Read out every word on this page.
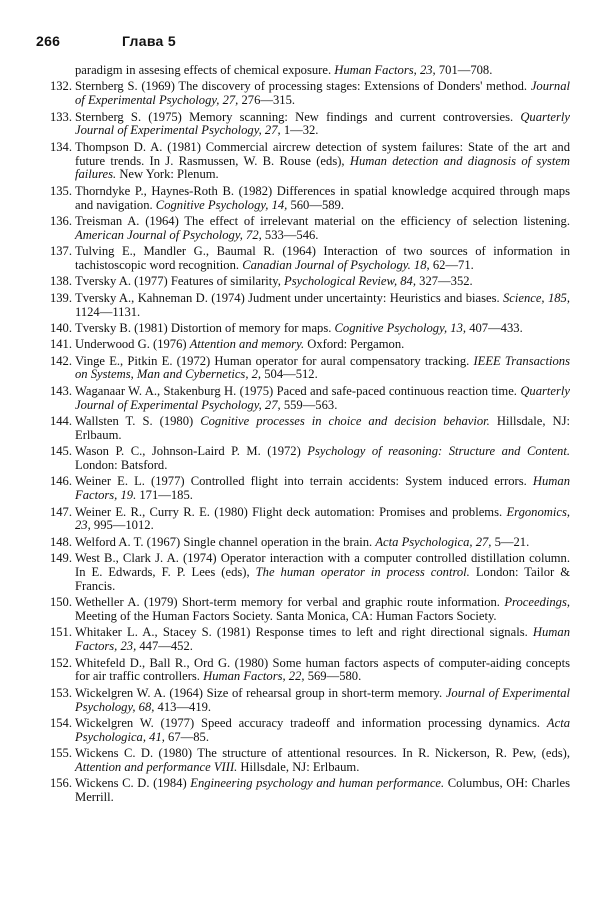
266	Глава 5
paradigm in assesing effects of chemical exposure. Human Factors, 23, 701—708.
132. Sternberg S. (1969) The discovery of processing stages: Extensions of Donders' method. Journal of Experimental Psychology, 27, 276—315.
133. Sternberg S. (1975) Memory scanning: New findings and current controversies. Quarterly Journal of Experimental Psychology, 27, 1—32.
134. Thompson D. A. (1981) Commercial aircrew detection of system failures: State of the art and future trends. In J. Rasmussen, W. B. Rouse (eds), Human detection and diagnosis of system failures. New York: Plenum.
135. Thorndyke P., Haynes-Roth B. (1982) Differences in spatial knowledge acquired through maps and navigation. Cognitive Psychology, 14, 560—589.
136. Treisman A. (1964) The effect of irrelevant material on the efficiency of selection listening. American Journal of Psychology, 72, 533—546.
137. Tulving E., Mandler G., Baumal R. (1964) Interaction of two sources of information in tachistoscopic word recognition. Canadian Journal of Psychology. 18, 62—71.
138. Tversky A. (1977) Features of similarity, Psychological Review, 84, 327—352.
139. Tversky A., Kahneman D. (1974) Judment under uncertainty: Heuristics and biases. Science, 185, 1124—1131.
140. Tversky B. (1981) Distortion of memory for maps. Cognitive Psychology, 13, 407—433.
141. Underwood G. (1976) Attention and memory. Oxford: Pergamon.
142. Vinge E., Pitkin E. (1972) Human operator for aural compensatory tracking. IEEE Transactions on Systems, Man and Cybernetics, 2, 504—512.
143. Waganaar W. A., Stakenburg H. (1975) Paced and safe-paced continuous reaction time. Quarterly Journal of Experimental Psychology, 27, 559—563.
144. Wallsten T. S. (1980) Cognitive processes in choice and decision behavior. Hillsdale, NJ: Erlbaum.
145. Wason P. C., Johnson-Laird P. M. (1972) Psychology of reasoning: Structure and Content. London: Batsford.
146. Weiner E. L. (1977) Controlled flight into terrain accidents: System induced errors. Human Factors, 19. 171—185.
147. Weiner E. R., Curry R. E. (1980) Flight deck automation: Promises and problems. Ergonomics, 23, 995—1012.
148. Welford A. T. (1967) Single channel operation in the brain. Acta Psychologica, 27, 5—21.
149. West B., Clark J. A. (1974) Operator interaction with a computer controlled distillation column. In E. Edwards, F. P. Lees (eds), The human operator in process control. London: Tailor & Francis.
150. Wetheller A. (1979) Short-term memory for verbal and graphic route information. Proceedings, Meeting of the Human Factors Society. Santa Monica, CA: Human Factors Society.
151. Whitaker L. A., Stacey S. (1981) Response times to left and right directional signals. Human Factors, 23, 447—452.
152. Whitefeld D., Ball R., Ord G. (1980) Some human factors aspects of computer-aiding concepts for air traffic controllers. Human Factors, 22, 569—580.
153. Wickelgren W. A. (1964) Size of rehearsal group in short-term memory. Journal of Experimental Psychology, 68, 413—419.
154. Wickelgren W. (1977) Speed accuracy tradeoff and information processing dynamics. Acta Psychologica, 41, 67—85.
155. Wickens C. D. (1980) The structure of attentional resources. In R. Nickerson, R. Pew, (eds), Attention and performance VIII. Hillsdale, NJ: Erlbaum.
156. Wickens C. D. (1984) Engineering psychology and human performance. Columbus, OH: Charles Merrill.
